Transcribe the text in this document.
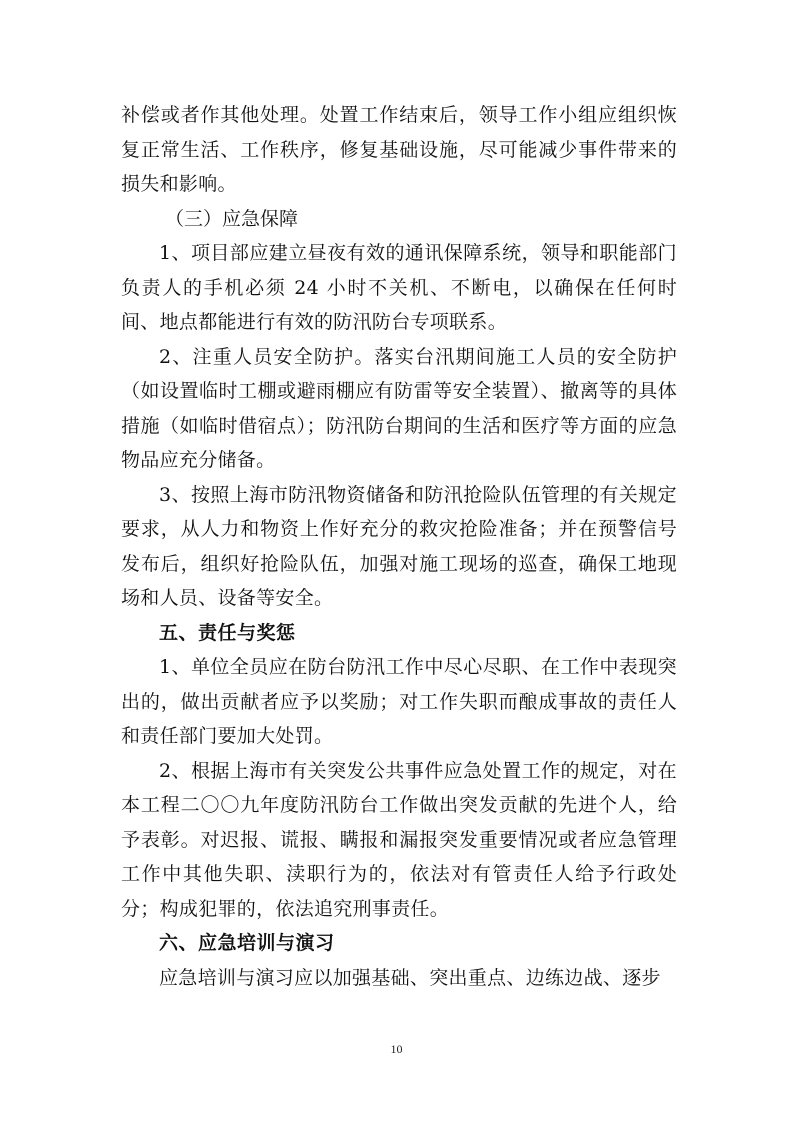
补偿或者作其他处理。处置工作结束后，领导工作小组应组织恢复正常生活、工作秩序，修复基础设施，尽可能减少事件带来的损失和影响。

（三）应急保障

1、项目部应建立昼夜有效的通讯保障系统，领导和职能部门负责人的手机必须 24 小时不关机、不断电，以确保在任何时间、地点都能进行有效的防汛防台专项联系。

2、注重人员安全防护。落实台汛期间施工人员的安全防护（如设置临时工棚或避雨棚应有防雷等安全装置）、撤离等的具体措施（如临时借宿点）；防汛防台期间的生活和医疗等方面的应急物品应充分储备。

3、按照上海市防汛物资储备和防汛抢险队伍管理的有关规定要求，从人力和物资上作好充分的救灾抢险准备；并在预警信号发布后，组织好抢险队伍，加强对施工现场的巡查，确保工地现场和人员、设备等安全。

五、责任与奖惩

1、单位全员应在防台防汛工作中尽心尽职、在工作中表现突出的，做出贡献者应予以奖励；对工作失职而酿成事故的责任人和责任部门要加大处罚。

2、根据上海市有关突发公共事件应急处置工作的规定，对在本工程二〇〇九年度防汛防台工作做出突发贡献的先进个人，给予表彰。对迟报、谎报、瞒报和漏报突发重要情况或者应急管理工作中其他失职、渎职行为的，依法对有管责任人给予行政处分；构成犯罪的，依法追究刑事责任。

六、应急培训与演习

应急培训与演习应以加强基础、突出重点、边练边战、逐步

10
